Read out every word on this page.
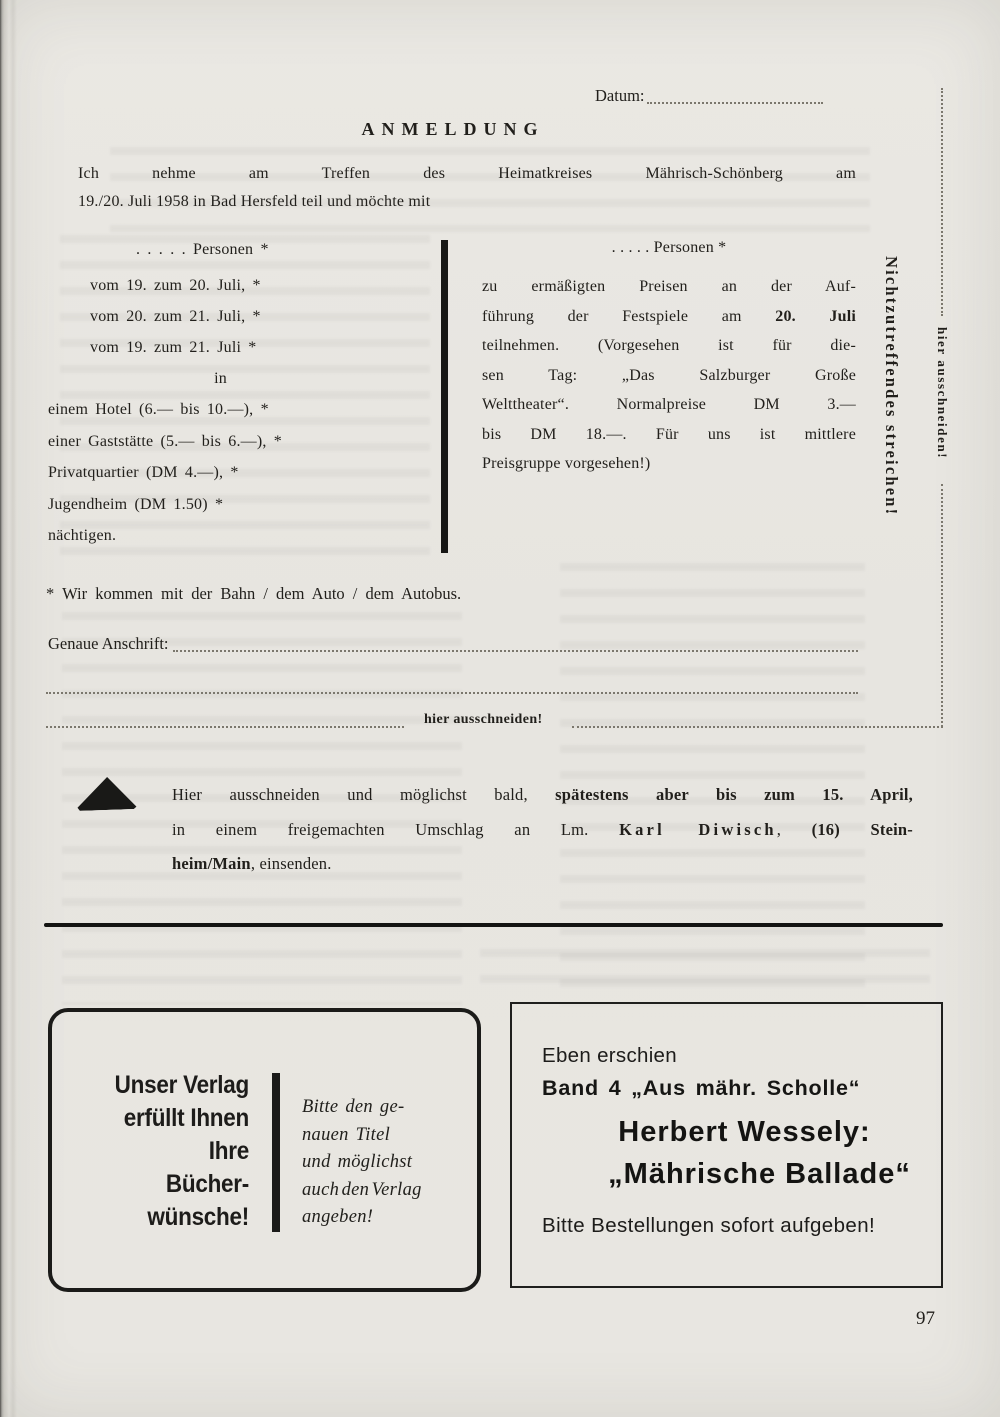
Datum:
ANMELDUNG
Ich nehme am Treffen des Heimatkreises Mährisch-Schönberg am
19./20. Juli 1958 in Bad Hersfeld teil und möchte mit
. . . . . Personen *
vom 19. zum 20. Juli, *
vom 20. zum 21. Juli, *
vom 19. zum 21. Juli *
in
einem Hotel (6.— bis 10.—), *
einer Gaststätte (5.— bis 6.—), *
Privatquartier (DM 4.—), *
Jugendheim (DM 1.50) *
nächtigen.
. . . . . Personen *
zu ermäßigten Preisen an der Auf-
führung der Festspiele am 20. Juli
teilnehmen. (Vorgesehen ist für die-
sen Tag: „Das Salzburger Große
Welttheater“. Normalpreise DM 3.—
bis DM 18.—. Für uns ist mittlere
Preisgruppe vorgesehen!)	Nichtzutreffendes streichen!	hier ausschneiden!
* Wir kommen mit der Bahn / dem Auto / dem Autobus.
Genaue Anschrift:
hier ausschneiden!
Hier ausschneiden und möglichst bald, spätestens aber bis zum 15. April,
in einem freigemachten Umschlag an Lm. Karl Diwisch, (16) Stein-
heim/Main, einsenden.
Unser Verlag
erfüllt Ihnen
Ihre
Bücher-
wünsche!
Bitte den ge-
nauen Titel
und möglichst
auch den Verlag
angeben!
Eben erschien
Band 4 „Aus mähr. Scholle“
Herbert Wessely:
„Mährische Ballade“
Bitte Bestellungen sofort aufgeben!
97
